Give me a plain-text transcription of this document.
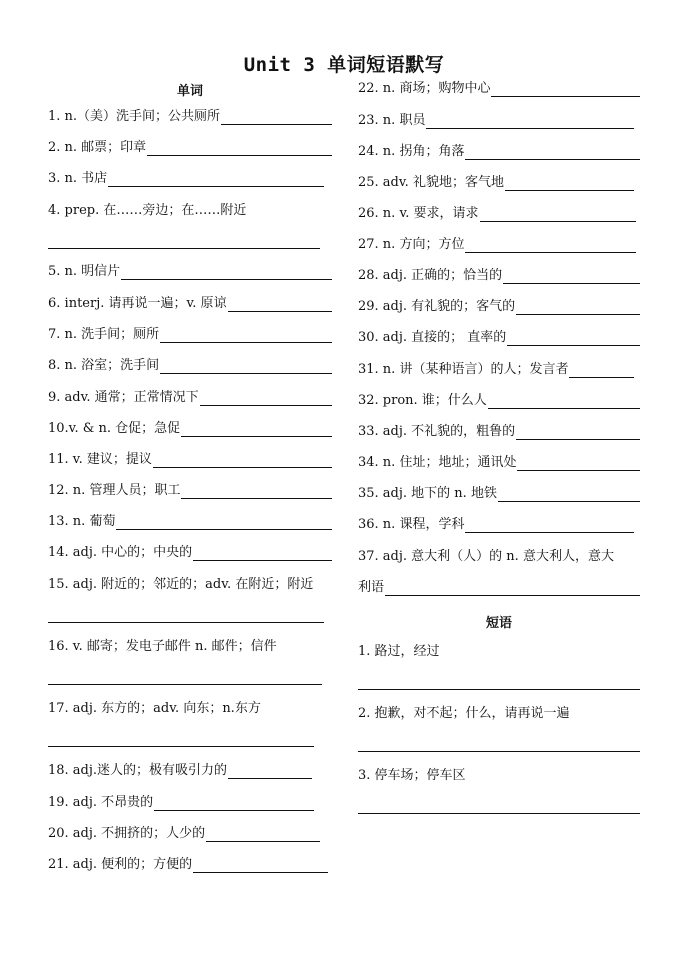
Unit 3 单词短语默写
单词
1. n.（美）洗手间；公共厕所
2. n. 邮票；印章
3. n. 书店
4. prep. 在……旁边；在……附近
5. n. 明信片
6. interj. 请再说一遍；v. 原谅
7. n. 洗手间；厕所
8. n. 浴室；洗手间
9. adv. 通常；正常情况下
10.v. & n. 仓促；急促
11. v. 建议；提议
12. n. 管理人员；职工
13. n. 葡萄
14. adj. 中心的；中央的
15. adj. 附近的；邻近的；adv. 在附近；附近
16. v. 邮寄；发电子邮件 n. 邮件；信件
17. adj. 东方的；adv. 向东；n.东方
18. adj.迷人的；极有吸引力的
19. adj. 不昂贵的
20. adj. 不拥挤的；人少的
21. adj. 便利的；方便的
22. n. 商场；购物中心
23. n. 职员
24. n. 拐角；角落
25. adv. 礼貌地；客气地
26. n. v. 要求，请求
27. n. 方向；方位
28. adj. 正确的；恰当的
29. adj. 有礼貌的；客气的
30. adj. 直接的； 直率的
31. n. 讲（某种语言）的人；发言者
32. pron. 谁；什么人
33. adj. 不礼貌的，粗鲁的
34. n. 住址；地址；通讯处
35. adj. 地下的 n. 地铁
36. n. 课程，学科
37. adj. 意大利（人）的 n. 意大利人，意大
利语
短语
1. 路过，经过
2. 抱歉，对不起；什么，请再说一遍
3. 停车场；停车区
